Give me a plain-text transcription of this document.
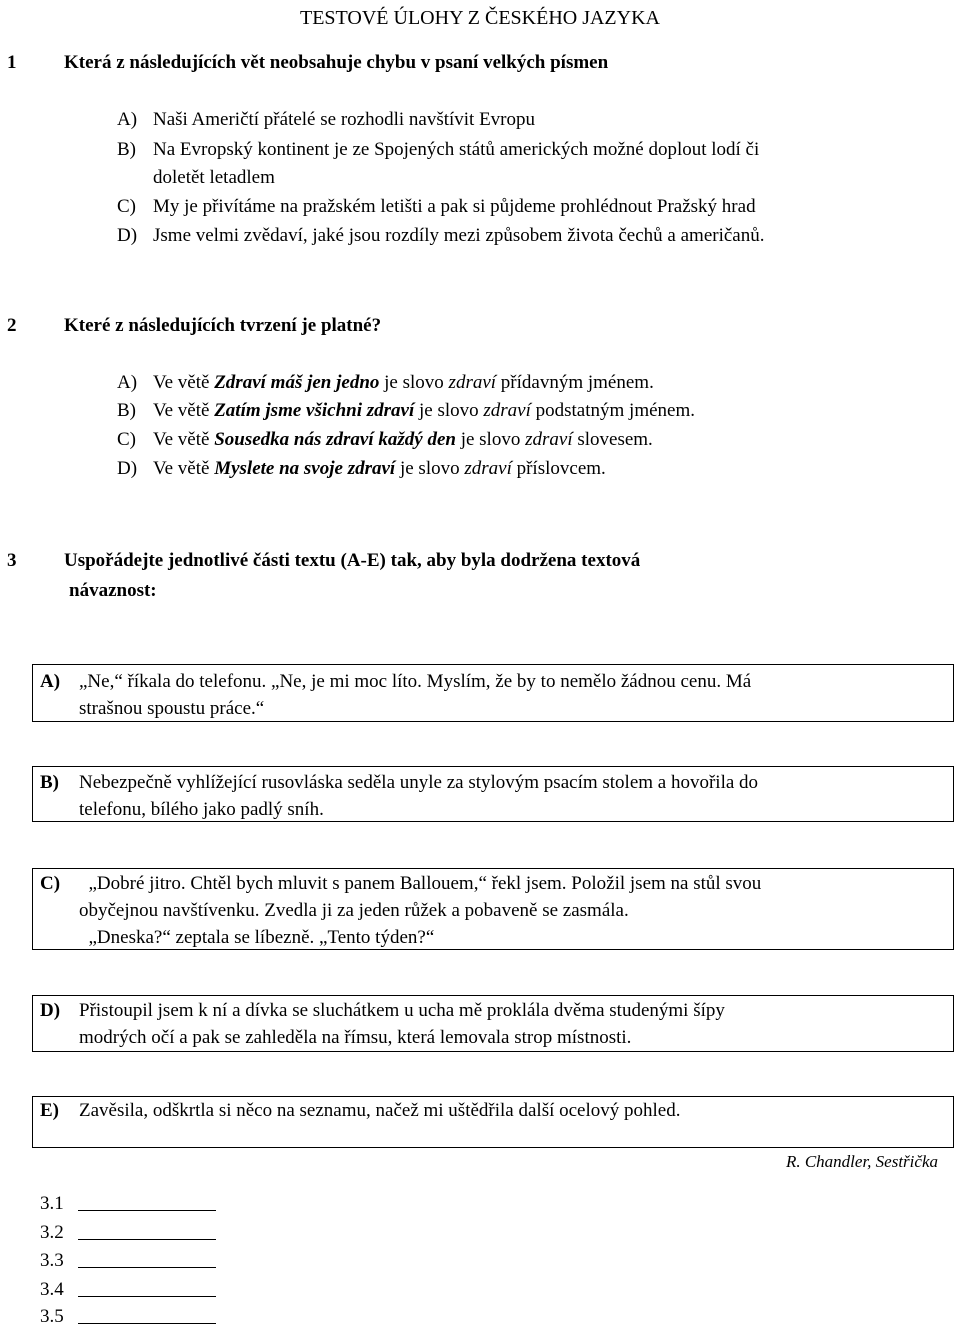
TESTOVÉ ÚLOHY Z ČESKÉHO JAZYKA
1	Která z následujících vět neobsahuje chybu v psaní velkých písmen
A) Naši Američtí přátelé se rozhodli navštívit Evropu
B) Na Evropský kontinent je ze Spojených států amerických možné doplout lodí či
doletět letadlem
C) My je přivítáme na pražském letišti a pak si půjdeme prohlédnout Pražský hrad
D) Jsme velmi zvědaví, jaké jsou rozdíly mezi způsobem života čechů a američanů.
2	Které z následujících tvrzení je platné?
A) Ve větě Zdraví máš jen jedno je slovo zdraví přídavným jménem.
B) Ve větě Zatím jsme všichni zdraví je slovo zdraví podstatným jménem.
C) Ve větě Sousedka nás zdraví každý den je slovo zdraví slovesem.
D) Ve větě Myslete na svoje zdraví je slovo zdraví příslovcem.
3	Uspořádejte jednotlivé části textu (A-E) tak, aby byla dodržena textová
návaznost:
A) „Ne,“ říkala do telefonu. „Ne, je mi moc líto. Myslím, že by to nemělo žádnou cenu. Má
strašnou spoustu práce.“
B)	Nebezpečně vyhlížející rusovláska seděla unyle za stylovým psacím stolem a hovořila do
telefonu, bílého jako padlý sníh.
C) „Dobré jitro. Chtěl bych mluvit s panem Ballouem,“ řekl jsem. Položil jsem na stůl svou
obyčejnou navštívenku. Zvedla ji za jeden růžek a pobaveně se zasmála.
„Dneska?“ zeptala se líbezně. „Tento týden?“
D) Přistoupil jsem k ní a dívka se sluchátkem u ucha mě proklála dvěma studenými šípy
modrých očí a pak se zahleděla na římsu, která lemovala strop místnosti.
E)	Zavěsila, odškrtla si něco na seznamu, načež mi uštědřila další ocelový pohled.
R. Chandler, Sestřička
3.1
3.2
3.3
3.4
3.5
